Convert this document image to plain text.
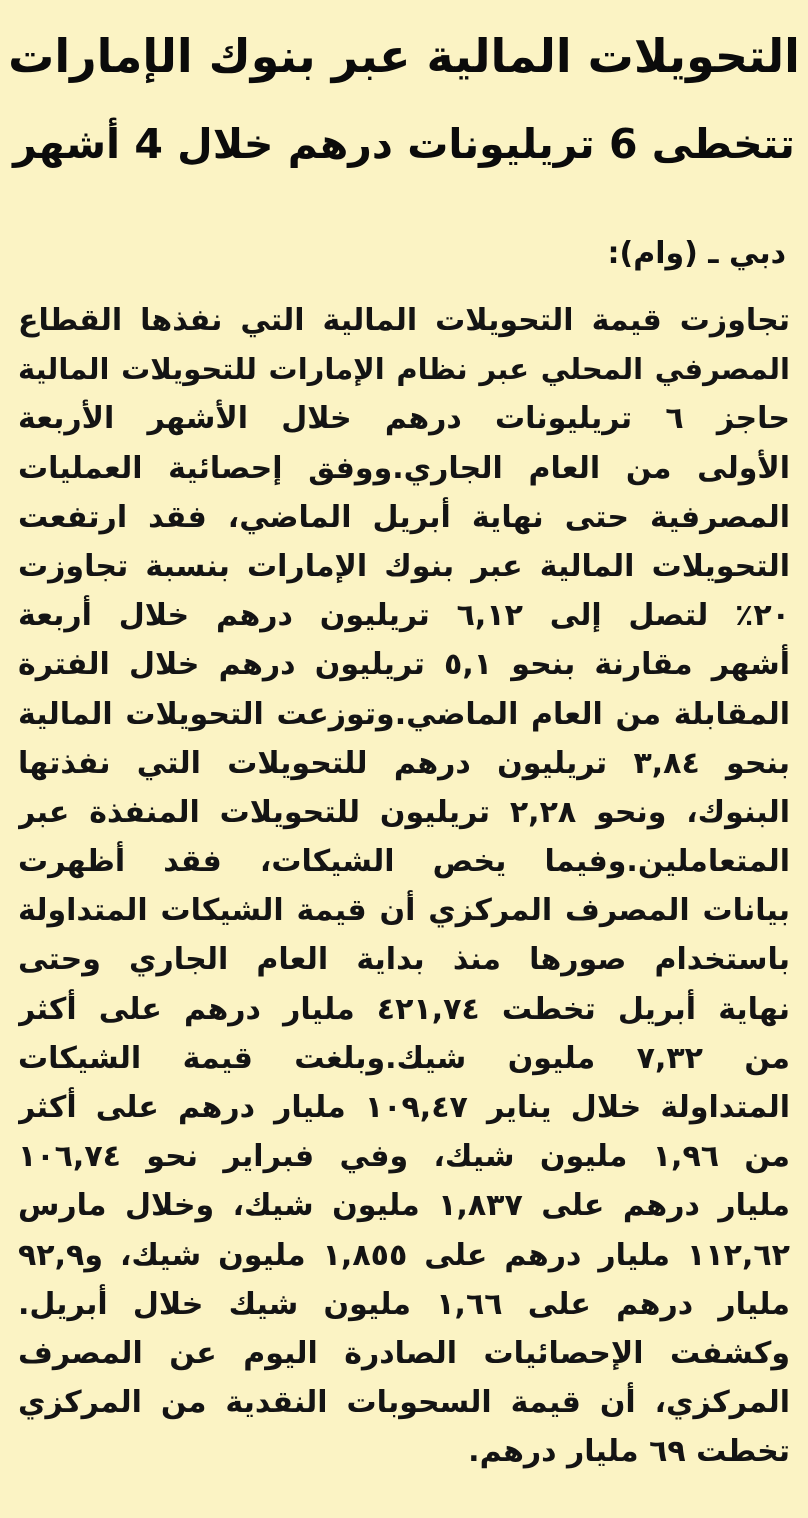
التحويلات المالية عبر بنوك الإمارات
تتخطى 6 تريليونات درهم خلال 4 أشهر
دبي ـ (وام):
تجاوزت قيمة التحويلات المالية التي نفذها القطاع
المصرفي المحلي عبر نظام الإمارات للتحويلات المالية
حاجز ٦ تريليونات درهم خلال الأشهر الأربعة
الأولى من العام الجاري.ووفق إحصائية العمليات
المصرفية حتى نهاية أبريل الماضي، فقد ارتفعت
التحويلات المالية عبر بنوك الإمارات بنسبة تجاوزت
٢٠٪ لتصل إلى ٦,١٢ تريليون درهم خلال أربعة
أشهر مقارنة بنحو ٥,١ تريليون درهم خلال الفترة
المقابلة من العام الماضي.وتوزعت التحويلات المالية
بنحو ٣,٨٤ تريليون درهم للتحويلات التي نفذتها
البنوك، ونحو ٢,٢٨ تريليون للتحويلات المنفذة عبر
المتعاملين.وفيما يخص الشيكات، فقد أظهرت
بيانات المصرف المركزي أن قيمة الشيكات المتداولة
باستخدام صورها منذ بداية العام الجاري وحتى
نهاية أبريل تخطت ٤٢١,٧٤ مليار درهم على أكثر
من ٧,٣٢ مليون شيك.وبلغت قيمة الشيكات
المتداولة خلال يناير ١٠٩,٤٧ مليار درهم على أكثر
من ١,٩٦ مليون شيك، وفي فبراير نحو ١٠٦,٧٤
مليار درهم على ١,٨٣٧ مليون شيك، وخلال مارس
١١٢,٦٢ مليار درهم على ١,٨٥٥ مليون شيك، و٩٢,٩
مليار درهم على ١,٦٦ مليون شيك خلال أبريل.
وكشفت الإحصائيات الصادرة اليوم عن المصرف
المركزي، أن قيمة السحوبات النقدية من المركزي
تخطت ٦٩ مليار درهم.
